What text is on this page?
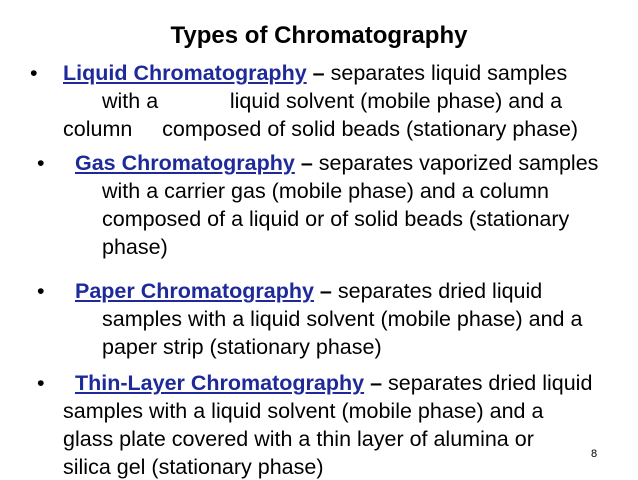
Types of Chromatography
• Liquid Chromatography – separates liquid samples
with a            liquid solvent (mobile phase) and a
column     composed of solid beads (stationary phase)
• Gas Chromatography – separates vaporized samples
with a carrier gas (mobile phase) and a column
composed of a liquid or of solid beads (stationary
phase)
• Paper Chromatography – separates dried liquid
samples with a liquid solvent (mobile phase) and a
paper strip (stationary phase)
• Thin-Layer Chromatography – separates dried liquid
samples with a liquid solvent (mobile phase) and a
glass plate covered with a thin layer of alumina or
silica gel (stationary phase)
8
